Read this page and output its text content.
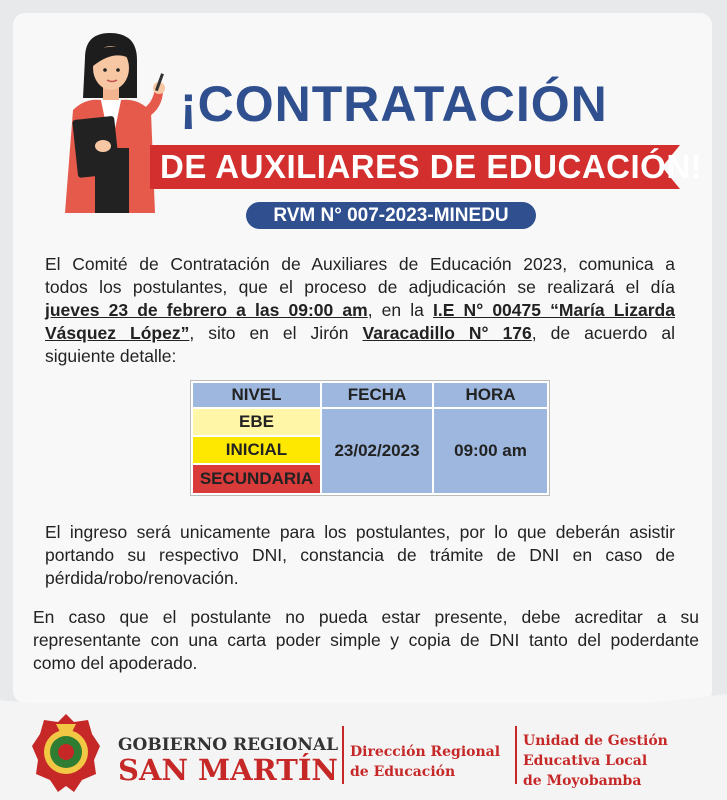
¡CONTRATACIÓN
DE AUXILIARES DE EDUCACIÓN!
RVM N° 007-2023-MINEDU
El Comité de Contratación de Auxiliares de Educación 2023, comunica a
todos los postulantes, que el proceso de adjudicación se realizará el día
jueves 23 de febrero a las 09:00 am, en la I.E N° 00475 “María Lizarda
Vásquez López”, sito en el Jirón Varacadillo N° 176, de acuerdo al
siguiente detalle:
NIVEL	FECHA	HORA
EBE	23/02/2023	09:00 am
INICIAL		
SECUNDARIA		
El ingreso será unicamente para los postulantes, por lo que deberán asistir
portando su respectivo DNI, constancia de trámite de DNI en caso de
pérdida/robo/renovación.
En caso que el postulante no pueda estar presente, debe acreditar a su
representante con una carta poder simple y copia de DNI tanto del poderdante
como del apoderado.
GOBIERNO REGIONAL
SAN MARTÍN
Dirección Regional
de Educación
Unidad de Gestión
Educativa Local
de Moyobamba
